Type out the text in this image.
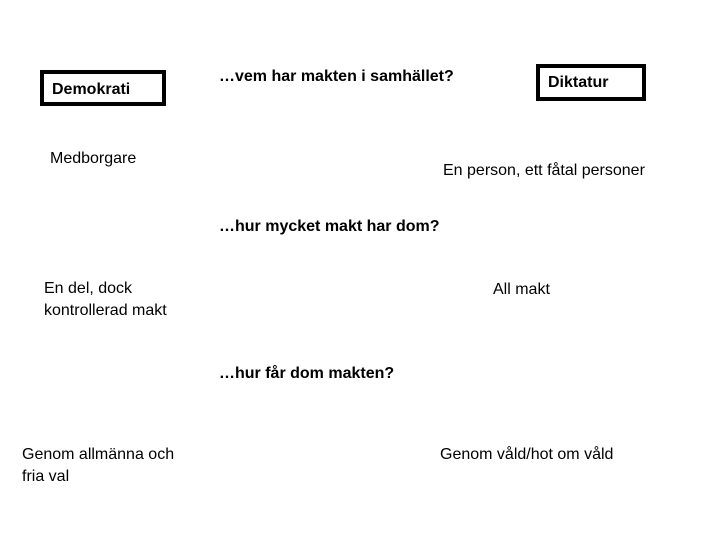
Demokrati	Diktatur
…vem har makten i samhället?
…hur mycket makt har dom?
…hur får dom makten?
Medborgare
En person, ett fåtal personer
En del, dock
kontrollerad makt
All makt
Genom allmänna och
fria val
Genom våld/hot om våld
